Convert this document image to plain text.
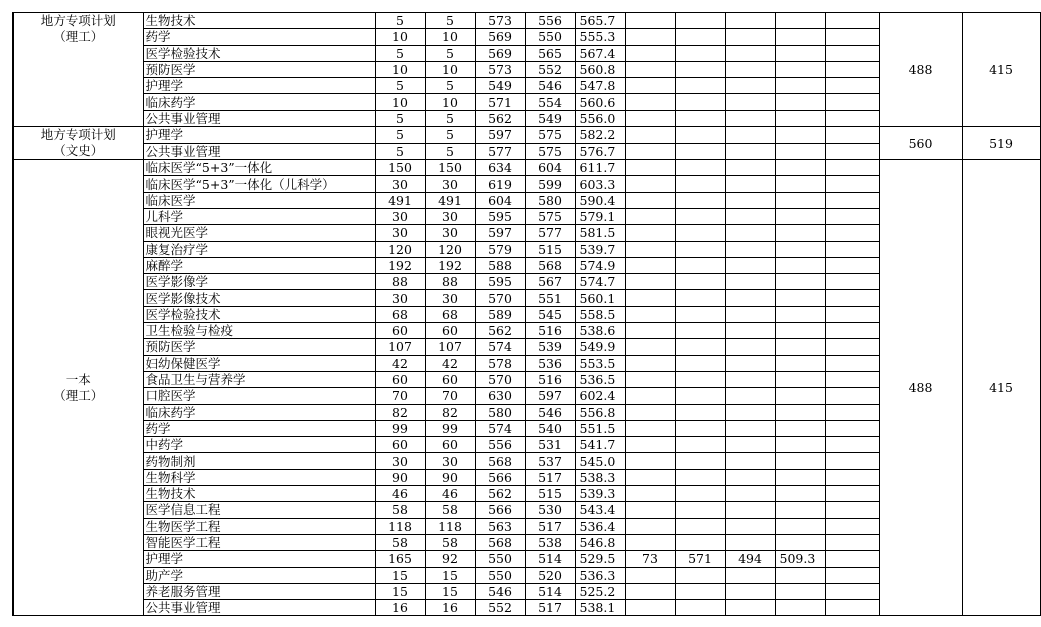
地方专项计划
（理工）	生物技术	5	5	573	556	565.7						488	415
	药学	10	10	569	550	555.3							
	医学检验技术	5	5	569	565	567.4							
	预防医学	10	10	573	552	560.8							
	护理学	5	5	549	546	547.8							
	临床药学	10	10	571	554	560.6							
	公共事业管理	5	5	562	549	556.0							

地方专项计划
（文史）	护理学	5	5	597	575	582.2						560	519
	公共事业管理	5	5	577	575	576.7							

一本
（理工）	临床医学“5+3”一体化	150	150	634	604	611.7						488	415
	临床医学“5+3”一体化（儿科学）	30	30	619	599	603.3							
	临床医学	491	491	604	580	590.4							
	儿科学	30	30	595	575	579.1							
	眼视光医学	30	30	597	577	581.5							
	康复治疗学	120	120	579	515	539.7							
	麻醉学	192	192	588	568	574.9							
	医学影像学	88	88	595	567	574.7							
	医学影像技术	30	30	570	551	560.1							
	医学检验技术	68	68	589	545	558.5							
	卫生检验与检疫	60	60	562	516	538.6							
	预防医学	107	107	574	539	549.9							
	妇幼保健医学	42	42	578	536	553.5							
	食品卫生与营养学	60	60	570	516	536.5							
	口腔医学	70	70	630	597	602.4							
	临床药学	82	82	580	546	556.8							
	药学	99	99	574	540	551.5							
	中药学	60	60	556	531	541.7							
	药物制剂	30	30	568	537	545.0							
	生物科学	90	90	566	517	538.3							
	生物技术	46	46	562	515	539.3							
	医学信息工程	58	58	566	530	543.4							
	生物医学工程	118	118	563	517	536.4							
	智能医学工程	58	58	568	538	546.8							
	护理学	165	92	550	514	529.5	73	571	494	509.3			
	助产学	15	15	550	520	536.3							
	养老服务管理	15	15	546	514	525.2							
	公共事业管理	16	16	552	517	538.1							
